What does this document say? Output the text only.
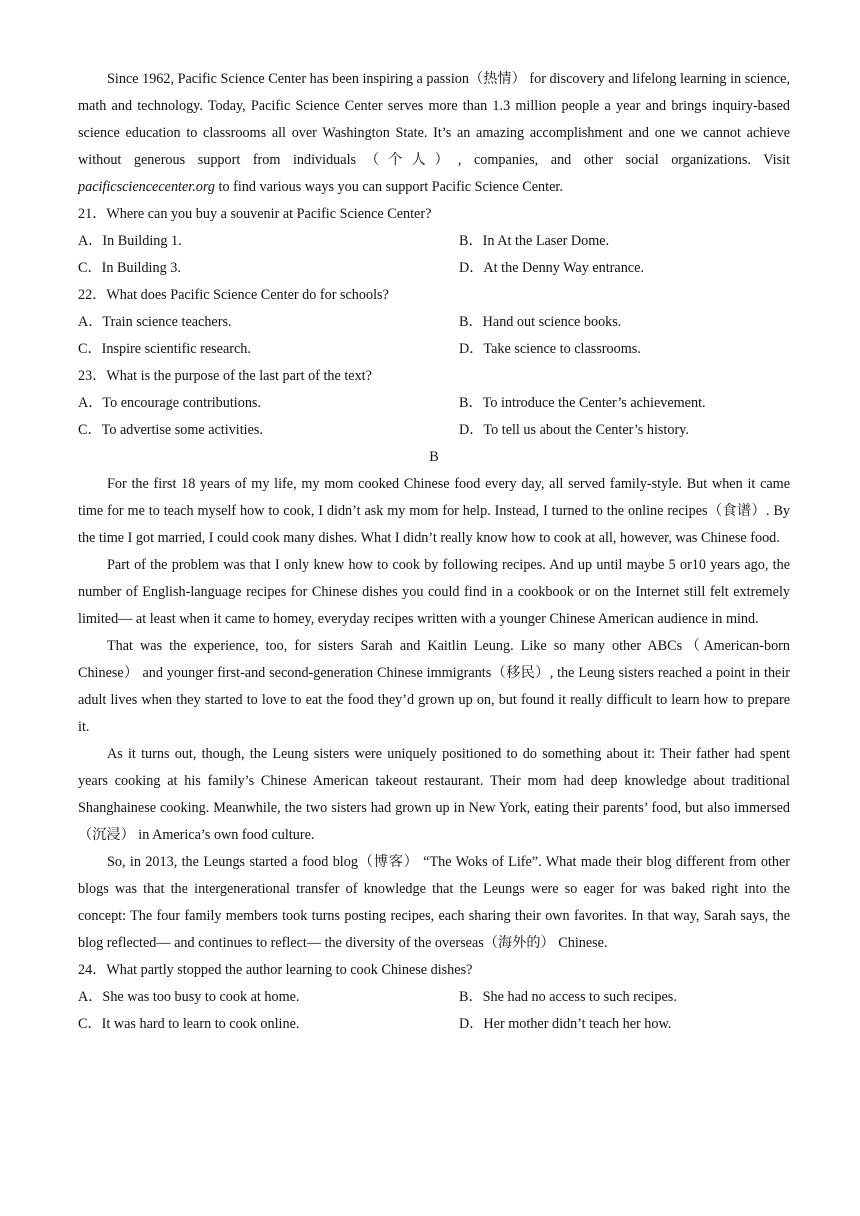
Since 1962, Pacific Science Center has been inspiring a passion（热情） for discovery and lifelong learning in science, math and technology. Today, Pacific Science Center serves more than 1.3 million people a year and brings inquiry-based science education to classrooms all over Washington State. It’s an amazing accomplishment and one we cannot achieve without generous support from individuals（个人）, companies, and other social organizations. Visit pacificsciencecenter.org to find various ways you can support Pacific Science Center.

21．Where can you buy a souvenir at Pacific Science Center?
A．In Building 1.	B．In At the Laser Dome.
C．In Building 3.	D．At the Denny Way entrance.
22．What does Pacific Science Center do for schools?
A．Train science teachers.	B．Hand out science books.
C．Inspire scientific research.	D．Take science to classrooms.
23．What is the purpose of the last part of the text?
A．To encourage contributions.	B．To introduce the Center’s achievement.
C．To advertise some activities.	D．To tell us about the Center’s history.
B

For the first 18 years of my life, my mom cooked Chinese food every day, all served family-style. But when it came time for me to teach myself how to cook, I didn’t ask my mom for help. Instead, I turned to the online recipes（食谱）. By the time I got married, I could cook many dishes. What I didn’t really know how to cook at all, however, was Chinese food.

Part of the problem was that I only knew how to cook by following recipes. And up until maybe 5 or10 years ago, the number of English-language recipes for Chinese dishes you could find in a cookbook or on the Internet still felt extremely limited— at least when it came to homey, everyday recipes written with a younger Chinese American audience in mind.

That was the experience, too, for sisters Sarah and Kaitlin Leung. Like so many other ABCs（American-born Chinese） and younger first-and second-generation Chinese immigrants（移民）, the Leung sisters reached a point in their adult lives when they started to love to eat the food they’d grown up on, but found it really difficult to learn how to prepare it.

As it turns out, though, the Leung sisters were uniquely positioned to do something about it: Their father had spent years cooking at his family’s Chinese American takeout restaurant. Their mom had deep knowledge about traditional Shanghainese cooking. Meanwhile, the two sisters had grown up in New York, eating their parents’ food, but also immersed（沉浸） in America’s own food culture.

So, in 2013, the Leungs started a food blog（博客） “The Woks of Life”. What made their blog different from other blogs was that the intergenerational transfer of knowledge that the Leungs were so eager for was baked right into the concept: The four family members took turns posting recipes, each sharing their own favorites. In that way, Sarah says, the blog reflected— and continues to reflect— the diversity of the overseas（海外的） Chinese.

24．What partly stopped the author learning to cook Chinese dishes?
A．She was too busy to cook at home.	B．She had no access to such recipes.
C．It was hard to learn to cook online.	D．Her mother didn’t teach her how.
